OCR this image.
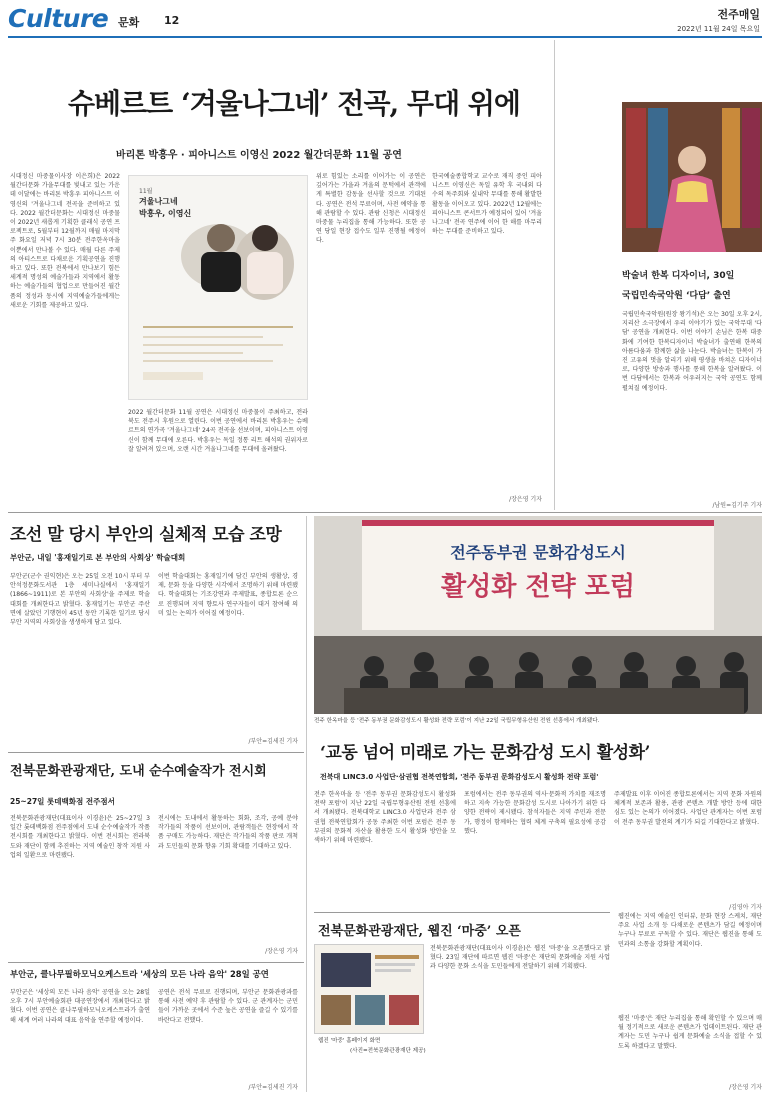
Culture 문화 12	전주매일
2022년 11월 24일 목요일
슈베르트 ‘겨울나그네’ 전곡, 무대 위에
바리톤 박흥우 · 피아니스트 이영신 2022 월간더문화 11월 공연
시대정신 마중물이사장 이은희)은 2022 월간더문화 가을무대를 빛내고 있는 가운데 이달에는 바리톤 박흥우 피아니스트 이영신의 '겨울나그네 전곡을 준비하고 있다. 2022 월간더문화는 시대정신 마중물이 2022년 새롭게 기획한 클래식 공연 프로젝트로, 5월부터 12월까지 매월 마지막 주 화요일 저녁 7시 30분 전주한옥마을 이뿐에서 만나볼 수 있다. 매월 다른 주제의 아티스트로 다채로운 기획공연을 진행하고 있다. 또한 전북에서 만나보기 힘든 세계적 명성의 예술가들과 지역에서 활동하는 예술가들의 협업으로 만들어진 월간 품의 정성과 동시에 지역예술가들에게는 새로운 기회를 제공하고 있다.
11월
겨울나그네
박흥우, 이영신
2022 월간더문화 11월 공연은 시대정신 마중물이 주최하고, 전라북도 전주시 후원으로 열린다. 이번 공연에서 바리톤 박흥우는 슈베르트의 연가곡 '겨울나그네' 24곡 전곡을 선보이며, 피아니스트 이영신이 함께 무대에 오른다. 박흥우는 독일 정통 리트 해석의 권위자로 잘 알려져 있으며, 오랜 시간 겨울나그네를 무대에 올려왔다.
위로 힘있는 소리를 이어가는 이 공연은 깊어가는 가을과 겨울의 문턱에서 관객에게 특별한 감동을 선사할 것으로 기대된다. 공연은 전석 무료이며, 사전 예약을 통해 관람할 수 있다. 관람 신청은 시대정신 마중물 누리집을 통해 가능하다. 또한 공연 당일 현장 접수도 일부 진행될 예정이다.
한국예술종합학교 교수로 재직 중인 피아니스트 이영신은 독일 유학 후 국내외 다수의 독주회와 실내악 무대를 통해 활발한 활동을 이어오고 있다. 2022년 12월에는 피아니스트 콘서트가 예정되어 있어 '겨울나그네' 전곡 연주에 이어 한 해를 마무리하는 무대를 준비하고 있다.
/장은영 기자
박술녀 한복 디자이너, 30일
국립민속국악원 ‘다담’ 출연
국립민속국악원(원장 왕기석)은 오는 30일 오후 2시, 지리산 소극장에서 우리 이야기가 있는 국악무대 '다담' 공연을 개최한다. 이번 이야기 손님은 한복 대중화에 기여한 한복디자이너 박술녀가 출연해 한복의 아름다움과 함께한 삶을 나눈다. 박술녀는 한복이 가진 고유의 멋을 알리기 위해 평생을 바쳐온 디자이너로, 다양한 방송과 행사를 통해 한복을 알려왔다. 이번 다담에서는 한복과 어우러지는 국악 공연도 함께 펼쳐질 예정이다.
/남원=김기주 기자
조선 말 당시 부안의 실체적 모습 조망
부안군, 내일 '홍재일기로 본 부안의 사회상' 학술대회
부안군(군수 권익현)은 오는 25일 오전 10시 부터 부안석정문화도서관 1층 세미나실에서 '홍재일기(1866~1911)로 본 부안의 사회상'을 주제로 학술대회를 개최한다고 밝혔다. 홍재일기는 부안군 주산면에 살았던 기행현이 45년 동안 기록한 일기로 당시 부안 지역의 사회상을 생생하게 담고 있다.
이번 학술대회는 홍재일기에 담긴 부안의 생활상, 경제, 문화 등을 다양한 시각에서 조명하기 위해 마련됐다. 학술대회는 기조강연과 주제발표, 종합토론 순으로 진행되며 지역 향토사 연구자들이 대거 참여해 의미 있는 논의가 이어질 예정이다.
/부안=김세진 기자
전북문화관광재단, 도내 순수예술작가 전시회
25~27일 롯데백화점 전주점서
전북문화관광재단(대표이사 이경윤)은 25~27일 3일간 롯데백화점 전주점에서 도내 순수예술작가 작품 전시회를 개최한다고 밝혔다. 이번 전시회는 전라북도와 재단이 함께 추진하는 지역 예술인 창작 지원 사업의 일환으로 마련됐다.
전시에는 도내에서 활동하는 회화, 조각, 공예 분야 작가들의 작품이 선보이며, 관람객들은 현장에서 작품 구매도 가능하다. 재단은 작가들의 작품 판로 개척과 도민들의 문화 향유 기회 확대를 기대하고 있다.
/장은영 기자
부안군, 클나무필하모닉오케스트라 '세상의 모든 나라 음악' 28일 공연
부안군은 '세상의 모든 나라 음악' 공연을 오는 28일 오후 7시 부안예술회관 대공연장에서 개최한다고 밝혔다. 이번 공연은 클나무필하모닉오케스트라가 출연해 세계 여러 나라의 대표 음악을 연주할 예정이다.
공연은 전석 무료로 진행되며, 부안군 문화관광과를 통해 사전 예약 후 관람할 수 있다. 군 관계자는 군민들이 가까운 곳에서 수준 높은 공연을 즐길 수 있기를 바란다고 전했다.
/부안=김세진 기자
전주동부권 문화감성도시
활성화 전략 포럼
전주 한옥마을 등 '전주 동부권 문화감성도시 활성화 전략 포럼'이 지난 22일 국립무형유산원 전원 선흥에서 개최됐다.
‘교동 넘어 미래로 가는 문화감성 도시 활성화’
전북대 LINC3.0 사업단·삼권협 전북연합회, '전주 동부권 문화감성도시 활성화 전략 포럼'
전주 한옥마을 등 '전주 동부권 문화감성도시 활성화 전략 포럼'이 지난 22일 국립무형유산원 전원 선흥에서 개최됐다. 전북대학교 LINC3.0 사업단과 전주 삼권협 전북연합회가 공동 주최한 이번 포럼은 전주 동부권의 문화적 자산을 활용한 도시 활성화 방안을 모색하기 위해 마련됐다.
포럼에서는 전주 동부권의 역사·문화적 가치를 재조명하고 지속 가능한 문화감성 도시로 나아가기 위한 다양한 전략이 제시됐다. 참석자들은 지역 주민과 전문가, 행정이 함께하는 협력 체계 구축의 필요성에 공감했다.
주제발표 이후 이어진 종합토론에서는 지역 문화 자원의 체계적 보존과 활용, 관광 콘텐츠 개발 방안 등에 대한 심도 있는 논의가 이어졌다. 사업단 관계자는 이번 포럼이 전주 동부권 발전의 계기가 되길 기대한다고 밝혔다.
/김영아 기자
전북문화관광재단, 웹진 ‘마중’ 오픈
웹진 '마중' 홈페이지 화면
(사진=전북문화관광재단 제공)
전북문화관광재단(대표이사 이경윤)은 웹진 '마중'을 오픈했다고 밝혔다. 23일 재단에 따르면 웹진 '마중'은 재단의 문화예술 지원 사업과 다양한 문화 소식을 도민들에게 전달하기 위해 기획됐다.
웹진에는 지역 예술인 인터뷰, 문화 현장 스케치, 재단 주요 사업 소개 등 다채로운 콘텐츠가 담길 예정이며 누구나 무료로 구독할 수 있다. 재단은 웹진을 통해 도민과의 소통을 강화할 계획이다.
웹진 '마중'은 재단 누리집을 통해 확인할 수 있으며 매월 정기적으로 새로운 콘텐츠가 업데이트된다. 재단 관계자는 도민 누구나 쉽게 문화예술 소식을 접할 수 있도록 하겠다고 말했다.
/장은영 기자
